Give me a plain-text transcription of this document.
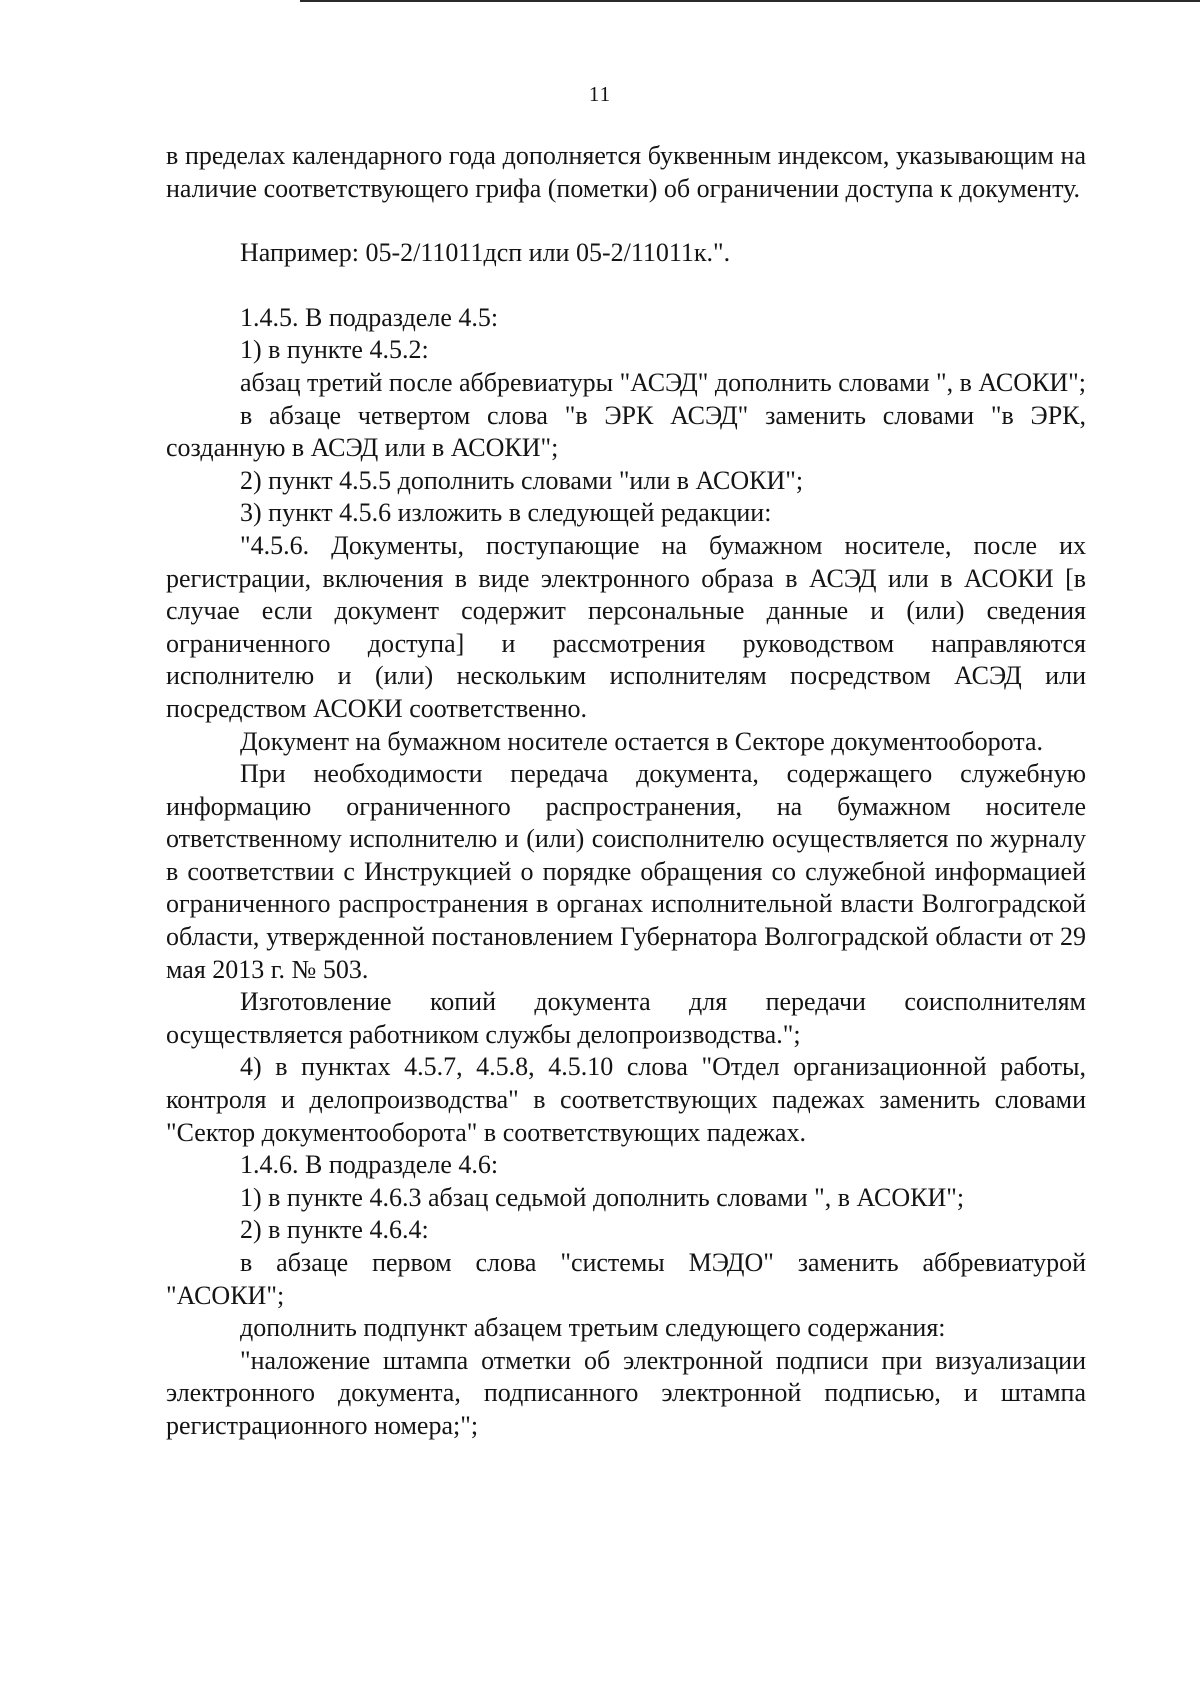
11

в пределах календарного года дополняется буквенным индексом, указывающим на наличие соответствующего грифа (пометки) об ограничении доступа к документу.

Например: 05-2/11011дсп или 05-2/11011к.".

1.4.5. В подразделе 4.5:

1) в пункте 4.5.2:

абзац третий после аббревиатуры "АСЭД" дополнить словами ", в АСОКИ";

в абзаце четвертом слова "в ЭРК АСЭД" заменить словами "в ЭРК, созданную в АСЭД или в АСОКИ";

2) пункт 4.5.5 дополнить словами "или в АСОКИ";

3) пункт 4.5.6 изложить в следующей редакции:

"4.5.6. Документы, поступающие на бумажном носителе, после их регистрации, включения в виде электронного образа в АСЭД или в АСОКИ [в случае если документ содержит персональные данные и (или) сведения ограниченного доступа] и рассмотрения руководством направляются исполнителю и (или) нескольким исполнителям посредством АСЭД или посредством АСОКИ соответственно.

Документ на бумажном носителе остается в Секторе документооборота.

При необходимости передача документа, содержащего служебную информацию ограниченного распространения, на бумажном носителе ответственному исполнителю и (или) соисполнителю осуществляется по журналу в соответствии с Инструкцией о порядке обращения со служебной информацией ограниченного распространения в органах исполнительной власти Волгоградской области, утвержденной постановлением Губернатора Волгоградской области от 29 мая 2013 г. № 503.

Изготовление копий документа для передачи соисполнителям осуществляется работником службы делопроизводства.";

4) в пунктах 4.5.7, 4.5.8, 4.5.10 слова "Отдел организационной работы, контроля и делопроизводства" в соответствующих падежах заменить словами "Сектор документооборота" в соответствующих падежах.

1.4.6. В подразделе 4.6:

1) в пункте 4.6.3 абзац седьмой дополнить словами ", в АСОКИ";

2) в пункте 4.6.4:

в абзаце первом слова "системы МЭДО" заменить аббревиатурой "АСОКИ";

дополнить подпункт абзацем третьим следующего содержания:

"наложение штампа отметки об электронной подписи при визуализации электронного документа, подписанного электронной подписью, и штампа регистрационного номера;";
